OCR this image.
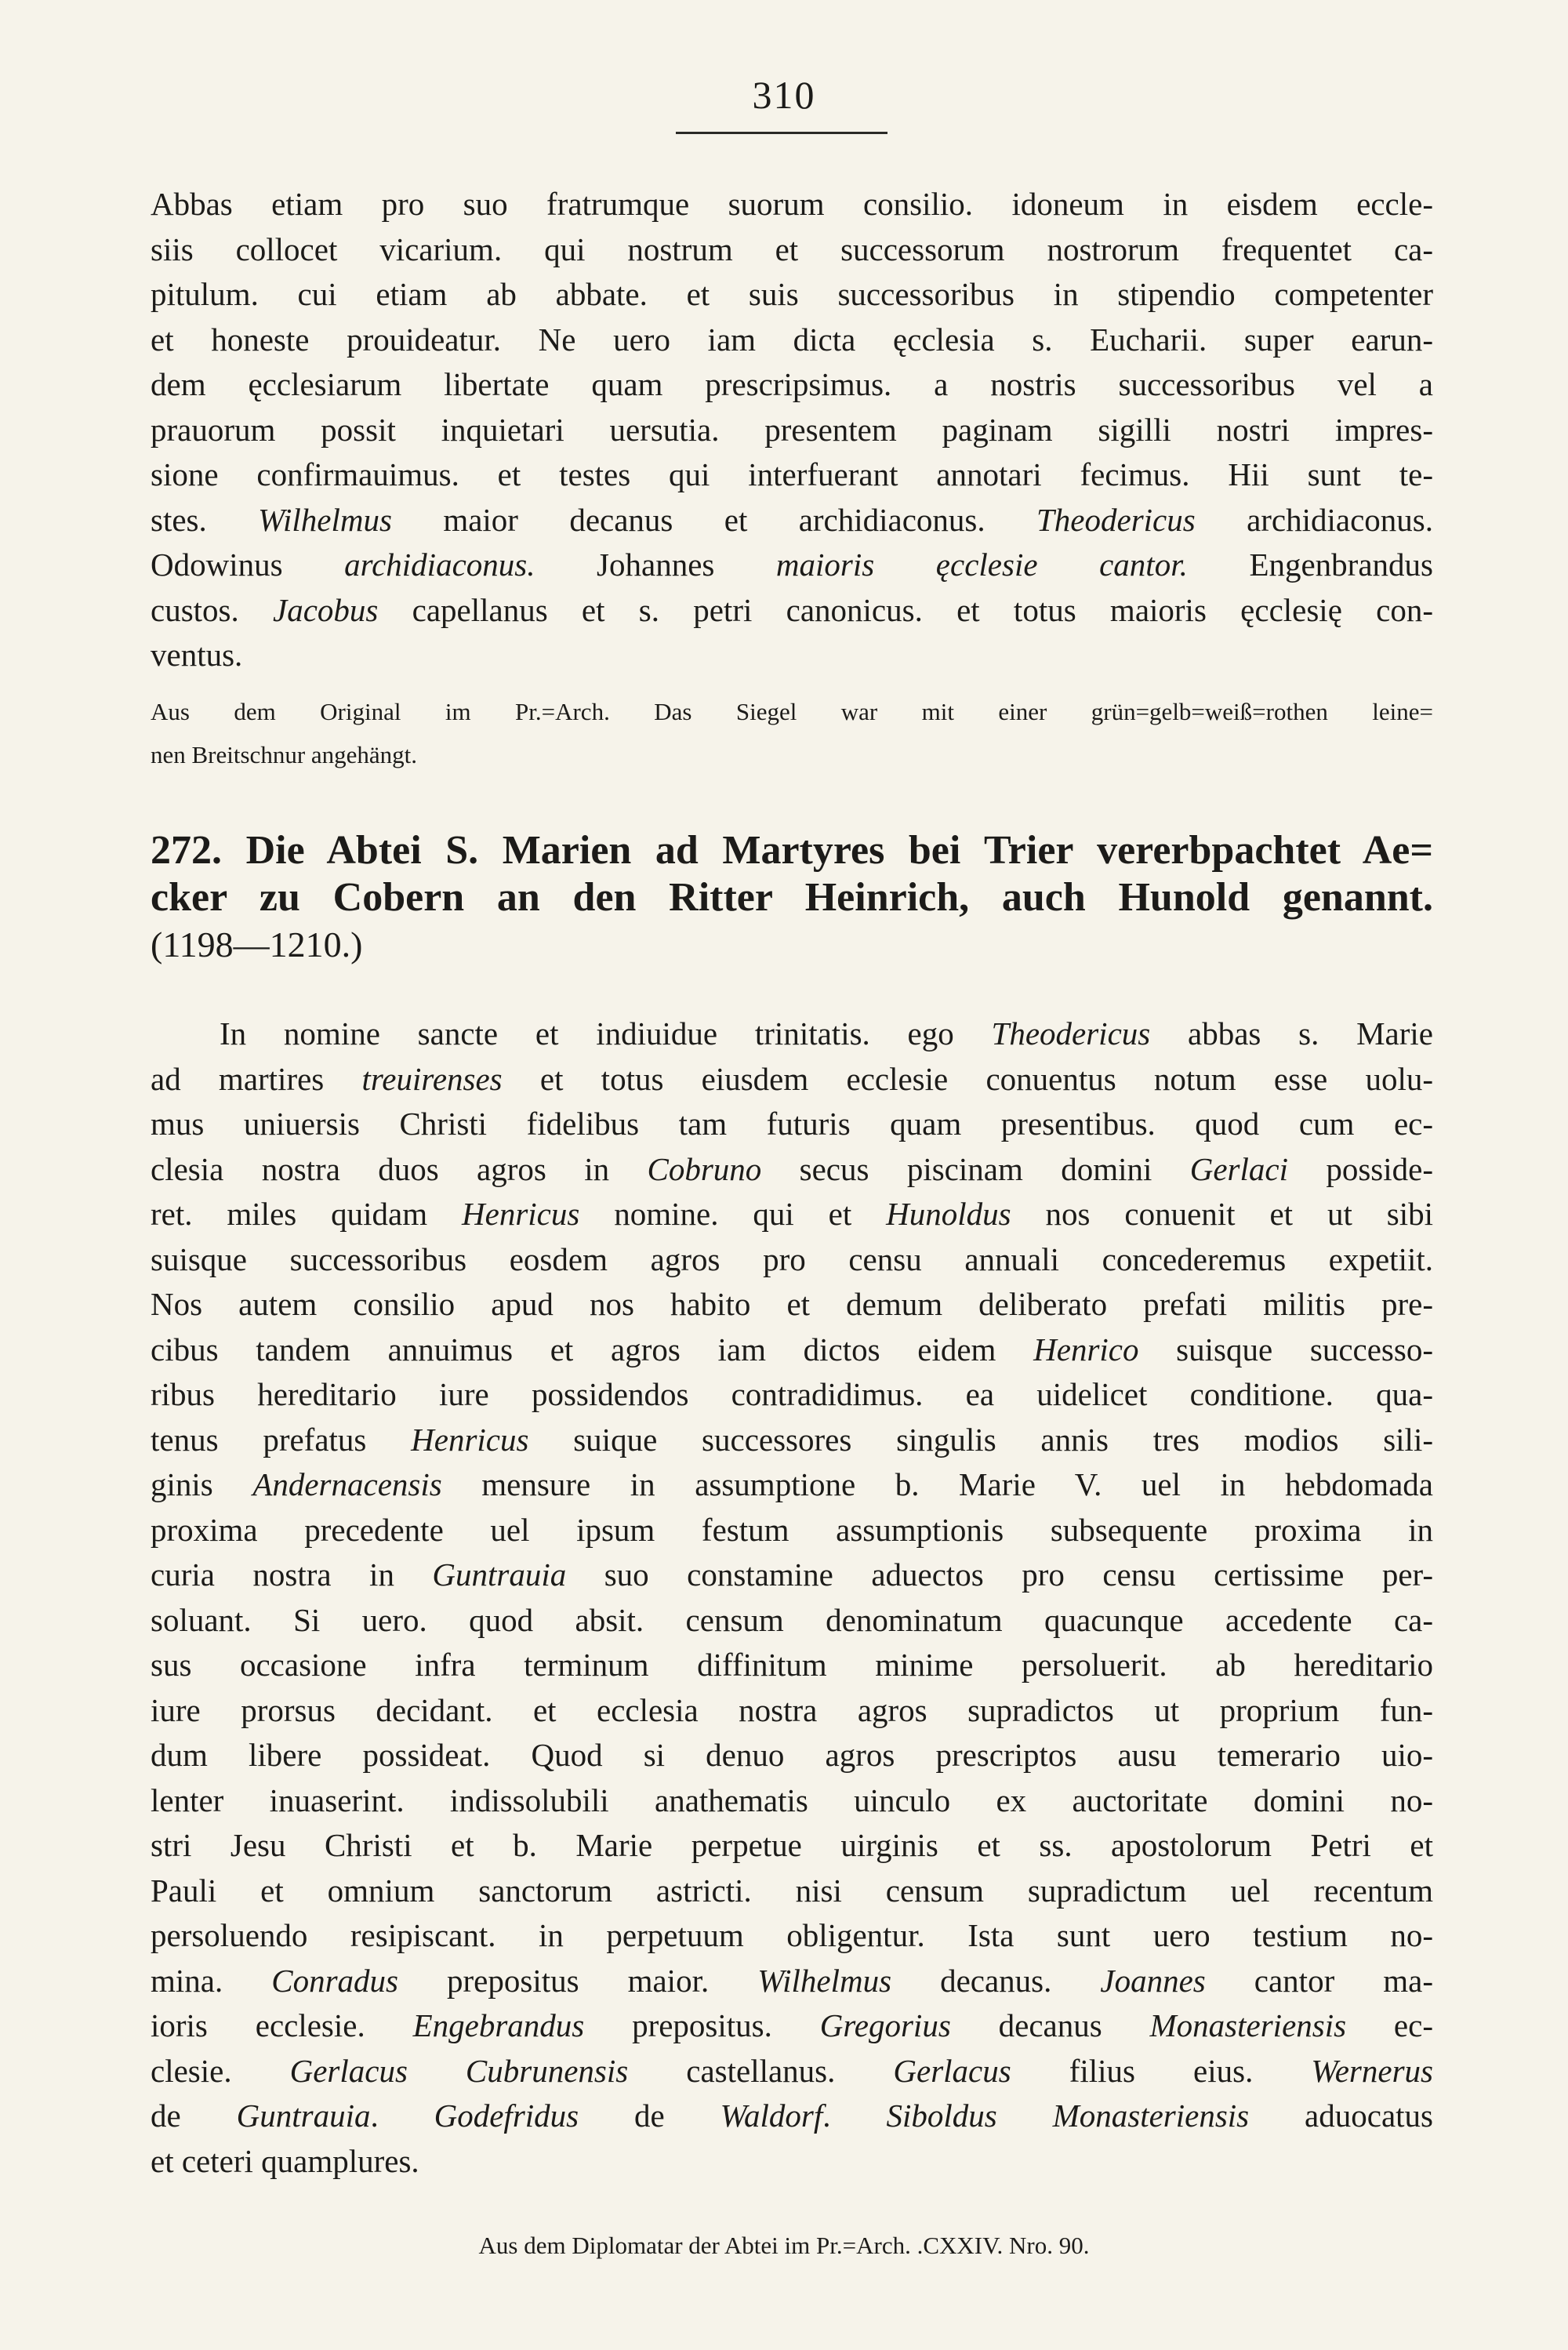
310
Abbas etiam pro suo fratrumque suorum consilio. idoneum in eisdem eccle-
siis collocet vicarium. qui nostrum et successorum nostrorum frequentet ca-
pitulum. cui etiam ab abbate. et suis successoribus in stipendio competenter
et honeste prouideatur. Ne uero iam dicta ęcclesia s. Eucharii. super earun-
dem ęcclesiarum libertate quam prescripsimus. a nostris successoribus vel a
prauorum possit inquietari uersutia. presentem paginam sigilli nostri impres-
sione confirmauimus. et testes qui interfuerant annotari fecimus. Hii sunt te-
stes. Wilhelmus maior decanus et archidiaconus. Theodericus archidiaconus.
Odowinus archidiaconus. Johannes maioris ęcclesie cantor. Engenbrandus
custos. Jacobus capellanus et s. petri canonicus. et totus maioris ęcclesię con-
ventus.
Aus dem Original im Pr.=Arch. Das Siegel war mit einer grün=gelb=weiß=rothen leine=
nen Breitschnur angehängt.
272. Die Abtei S. Marien ad Martyres bei Trier vererbpachtet Ae=
cker zu Cobern an den Ritter Heinrich, auch Hunold genannt.
(1198—1210.)
In nomine sancte et indiuidue trinitatis. ego Theodericus abbas s. Marie
ad martires treuirenses et totus eiusdem ecclesie conuentus notum esse uolu-
mus uniuersis Christi fidelibus tam futuris quam presentibus. quod cum ec-
clesia nostra duos agros in Cobruno secus piscinam domini Gerlaci posside-
ret. miles quidam Henricus nomine. qui et Hunoldus nos conuenit et ut sibi
suisque successoribus eosdem agros pro censu annuali concederemus expetiit.
Nos autem consilio apud nos habito et demum deliberato prefati militis pre-
cibus tandem annuimus et agros iam dictos eidem Henrico suisque successo-
ribus hereditario iure possidendos contradidimus. ea uidelicet conditione. qua-
tenus prefatus Henricus suique successores singulis annis tres modios sili-
ginis Andernacensis mensure in assumptione b. Marie V. uel in hebdomada
proxima precedente uel ipsum festum assumptionis subsequente proxima in
curia nostra in Guntrauia suo constamine aduectos pro censu certissime per-
soluant. Si uero. quod absit. censum denominatum quacunque accedente ca-
sus occasione infra terminum diffinitum minime persoluerit. ab hereditario
iure prorsus decidant. et ecclesia nostra agros supradictos ut proprium fun-
dum libere possideat. Quod si denuo agros prescriptos ausu temerario uio-
lenter inuaserint. indissolubili anathematis uinculo ex auctoritate domini no-
stri Jesu Christi et b. Marie perpetue uirginis et ss. apostolorum Petri et
Pauli et omnium sanctorum astricti. nisi censum supradictum uel recentum
persoluendo resipiscant. in perpetuum obligentur. Ista sunt uero testium no-
mina. Conradus prepositus maior. Wilhelmus decanus. Joannes cantor ma-
ioris ecclesie. Engebrandus prepositus. Gregorius decanus Monasteriensis ec-
clesie. Gerlacus Cubrunensis castellanus. Gerlacus filius eius. Wernerus
de Guntrauia. Godefridus de Waldorf. Siboldus Monasteriensis aduocatus
et ceteri quamplures.
Aus dem Diplomatar der Abtei im Pr.=Arch. .CXXIV. Nro. 90.
